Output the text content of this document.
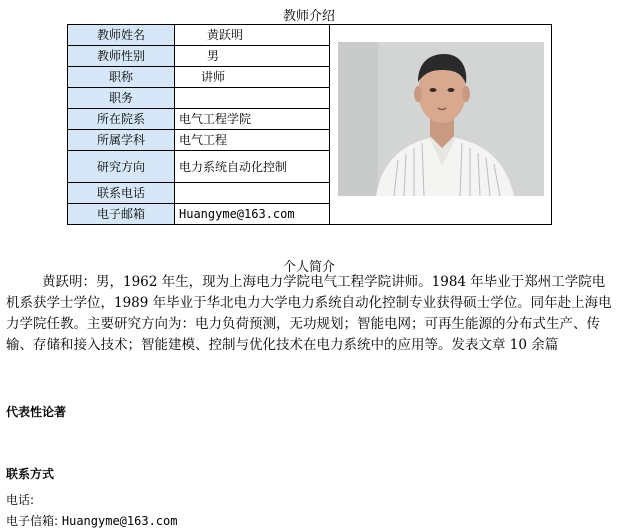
教师介绍
教师姓名	黄跃明	

教师性别	男	
职称	讲师	
职务		
所在院系	电气工程学院	
所属学科	电气工程	
研究方向	电力系统自动化控制	
联系电话		
电子邮箱	Huangyme@163.com	
个人简介

黄跃明：男，1962 年生，现为上海电力学院电气工程学院讲师。1984 年毕业于郑州工学院电机系获学士学位，1989 年毕业于华北电力大学电力系统自动化控制专业获得硕士学位。同年赴上海电力学院任教。主要研究方向为：电力负荷预测，无功规划；智能电网；可再生能源的分布式生产、传输、存储和接入技术；智能建模、控制与优化技术在电力系统中的应用等。发表文章 10 余篇

代表性论著
联系方式
电话:
电子信箱: Huangyme@163.com
